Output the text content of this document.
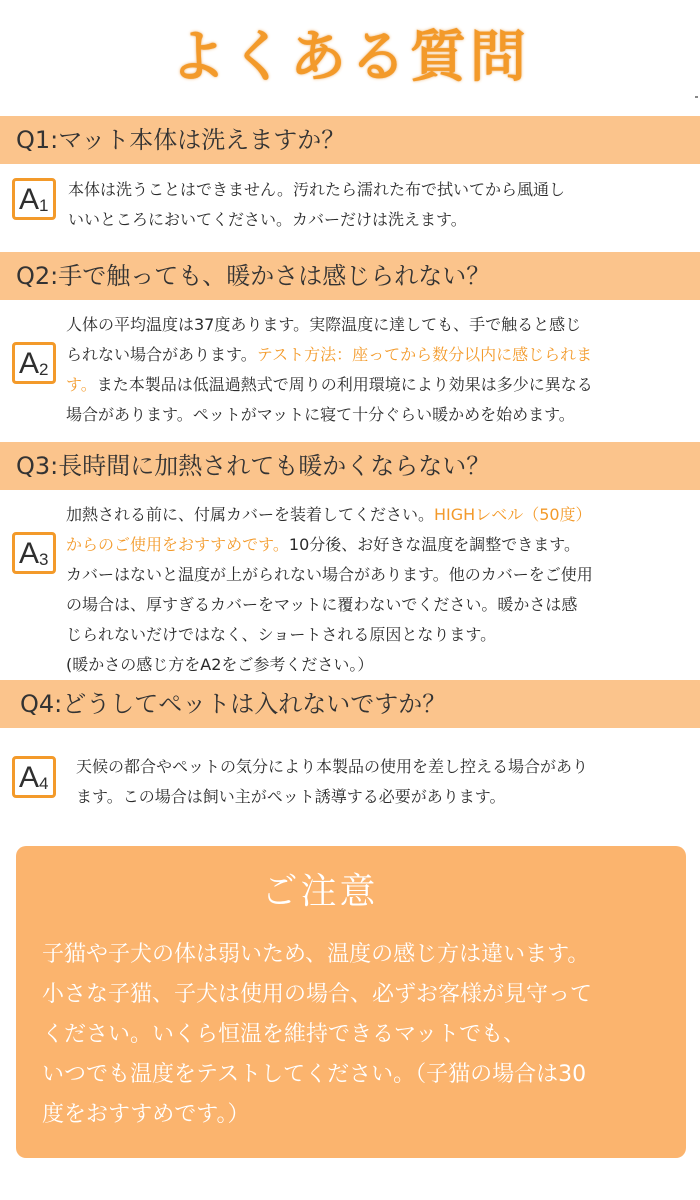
よくある質問
Q1:マット本体は洗えますか？
A 1
本体は洗うことはできません。汚れたら濡れた布で拭いてから風通し
いいところにおいてください。カバーだけは洗えます。
Q2:手で触っても、暖かさは感じられない？
A 2
人体の平均温度は37度あります。実際温度に達しても、手で触ると感じ
られない場合があります。テスト方法：座ってから数分以内に感じられま
す。また本製品は低温過熱式で周りの利用環境により効果は多少に異なる
場合があります。ペットがマットに寝て十分ぐらい暖かめを始めます。
Q3:長時間に加熱されても暖かくならない？
A 3
加熱される前に、付属カバーを装着してください。HIGHレベル（50度）
からのご使用をおすすめです。10分後、お好きな温度を調整できます。
カバーはないと温度が上がられない場合があります。他のカバーをご使用
の場合は、厚すぎるカバーをマットに覆わないでください。暖かさは感
じられないだけではなく、ショートされる原因となります。
(暖かさの感じ方をA2をご参考ください。）
Q4:どうしてペットは入れないですか？
A 4
天候の都合やペットの気分により本製品の使用を差し控える場合があり
ます。この場合は飼い主がペット誘導する必要があります。
ご注意
子猫や子犬の体は弱いため、温度の感じ方は違います。
小さな子猫、子犬は使用の場合、必ずお客様が見守って
ください。いくら恒温を維持できるマットでも、
いつでも温度をテストしてください。（子猫の場合は30
度をおすすめです。）
